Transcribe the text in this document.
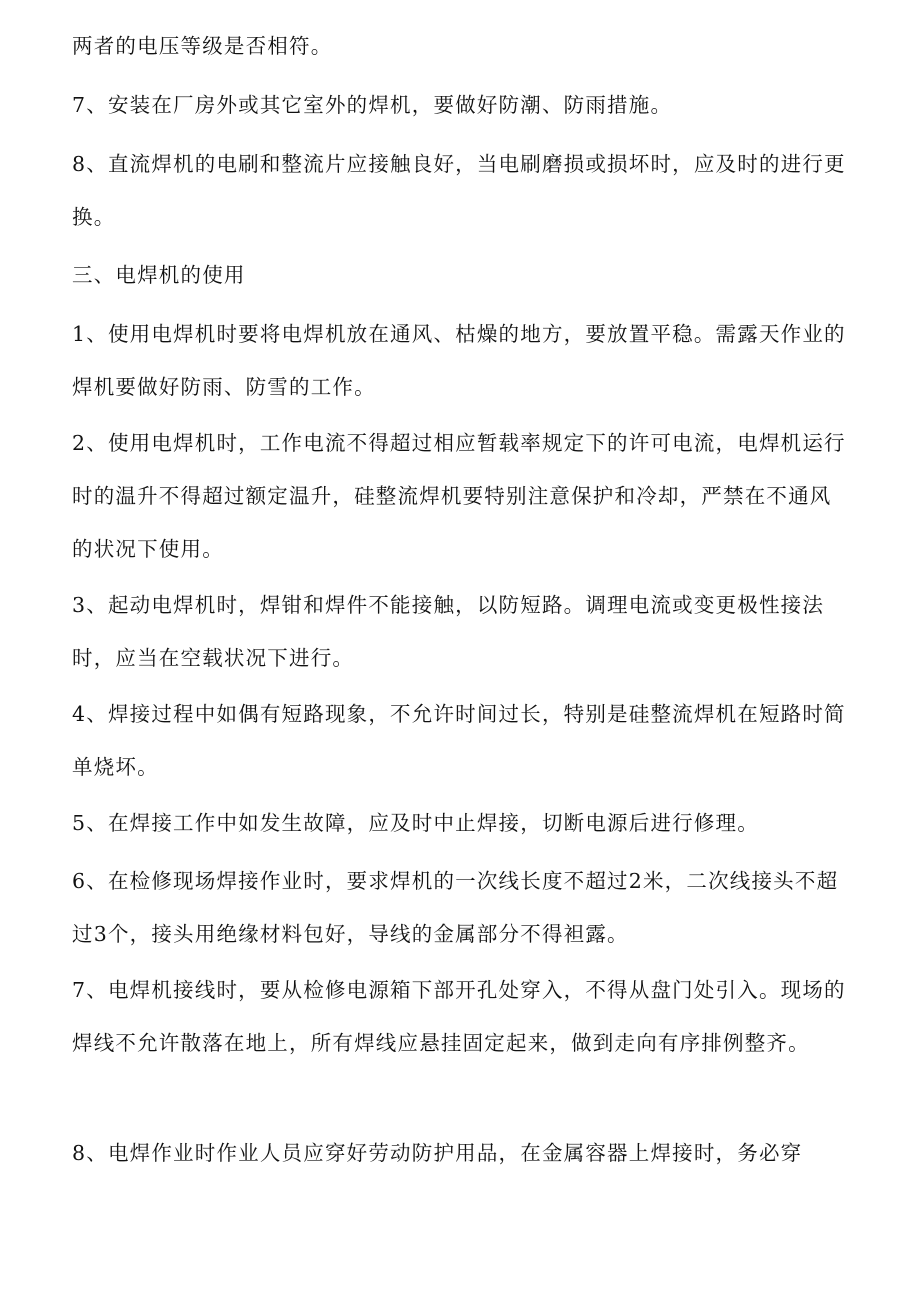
两者的电压等级是否相符。

7、安装在厂房外或其它室外的焊机，要做好防潮、防雨措施。

8、直流焊机的电刷和整流片应接触良好，当电刷磨损或损坏时，应及时的进行更换。

三、电焊机的使用

1、使用电焊机时要将电焊机放在通风、枯燥的地方，要放置平稳。需露天作业的焊机要做好防雨、防雪的工作。

2、使用电焊机时，工作电流不得超过相应暂载率规定下的许可电流，电焊机运行时的温升不得超过额定温升，硅整流焊机要特别注意保护和冷却，严禁在不通风的状况下使用。

3、起动电焊机时，焊钳和焊件不能接触，以防短路。调理电流或变更极性接法时，应当在空载状况下进行。

4、焊接过程中如偶有短路现象，不允许时间过长，特别是硅整流焊机在短路时简单烧坏。

5、在焊接工作中如发生故障，应及时中止焊接，切断电源后进行修理。

6、在检修现场焊接作业时，要求焊机的一次线长度不超过2米，二次线接头不超过3个，接头用绝缘材料包好，导线的金属部分不得袒露。

7、电焊机接线时，要从检修电源箱下部开孔处穿入，不得从盘门处引入。现场的焊线不允许散落在地上，所有焊线应悬挂固定起来，做到走向有序排例整齐。

8、电焊作业时作业人员应穿好劳动防护用品，在金属容器上焊接时，务必穿
